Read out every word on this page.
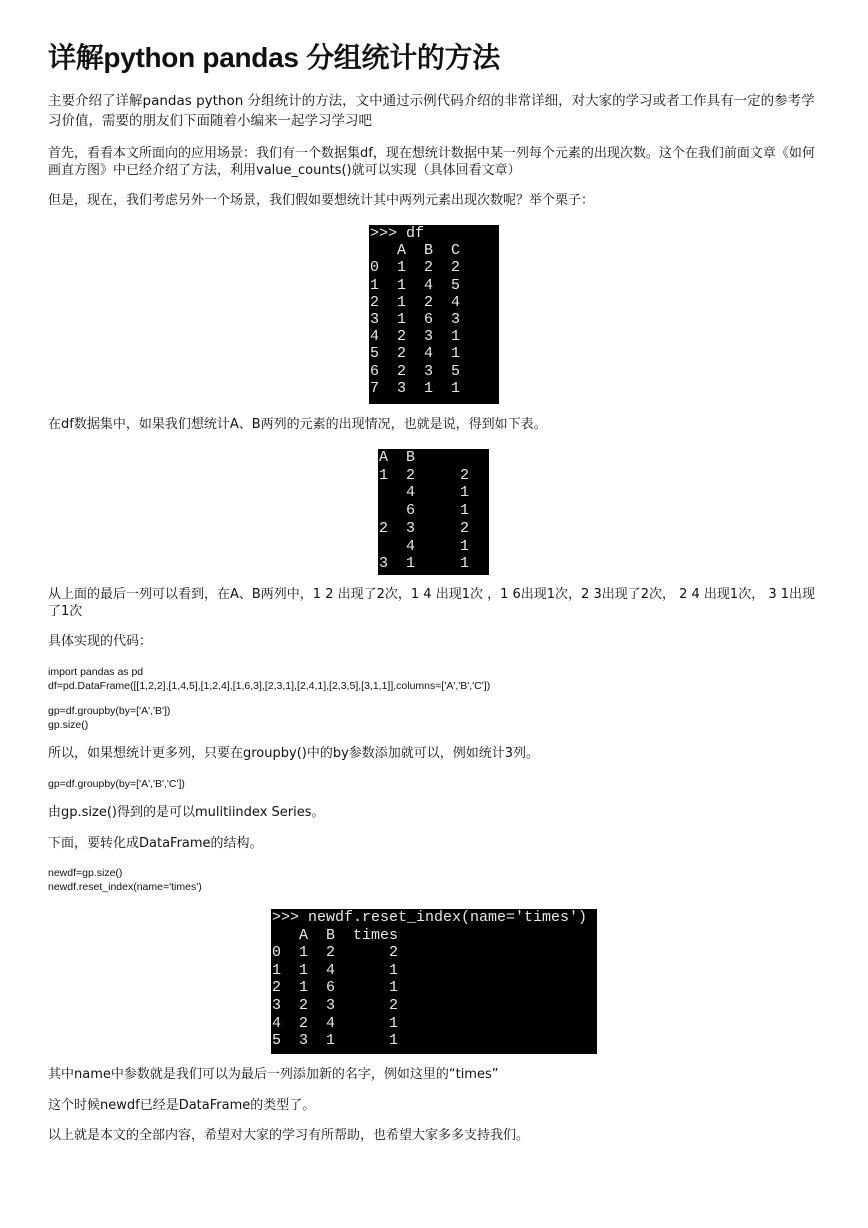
详解python pandas 分组统计的方法

主要介绍了详解pandas python 分组统计的方法，文中通过示例代码介绍的非常详细，对大家的学习或者工作具有一定的参考学习价值，需要的朋友们下面随着小编来一起学习学习吧

首先，看看本文所面向的应用场景：我们有一个数据集df，现在想统计数据中某一列每个元素的出现次数。这个在我们前面文章《如何画直方图》中已经介绍了方法，利用value_counts()就可以实现（具体回看文章）

但是，现在，我们考虑另外一个场景，我们假如要想统计其中两列元素出现次数呢？举个栗子：

>>> df
A  B  C
0  1  2  2
1  1  4  5
2  1  2  4
3  1  6  3
4  2  3  1
5  2  4  1
6  2  3  5
7  3  1  1

在df数据集中，如果我们想统计A、B两列的元素的出现情况，也就是说，得到如下表。

A  B
1  2     2
4     1
6     1
2  3     2
4     1
3  1     1

从上面的最后一列可以看到，在A、B两列中，1 2 出现了2次，1 4 出现1次 ，1 6出现1次，2 3出现了2次， 2 4 出现1次， 3 1出现了1次

具体实现的代码：

import pandas as pd
df=pd.DataFrame([[1,2,2],[1,4,5],[1,2,4],[1,6,3],[2,3,1],[2,4,1],[2,3,5],[3,1,1]],columns=['A','B','C'])
gp=df.groupby(by=['A','B'])
gp.size()

所以，如果想统计更多列，只要在groupby()中的by参数添加就可以，例如统计3列。

gp=df.groupby(by=['A','B','C'])

由gp.size()得到的是可以mulitiindex Series。

下面，要转化成DataFrame的结构。

newdf=gp.size()
newdf.reset_index(name='times')
>>> newdf.reset_index(name='times')
A  B  times
0  1  2      2
1  1  4      1
2  1  6      1
3  2  3      2
4  2  4      1
5  3  1      1

其中name中参数就是我们可以为最后一列添加新的名字，例如这里的“times”

这个时候newdf已经是DataFrame的类型了。

以上就是本文的全部内容，希望对大家的学习有所帮助，也希望大家多多支持我们。
